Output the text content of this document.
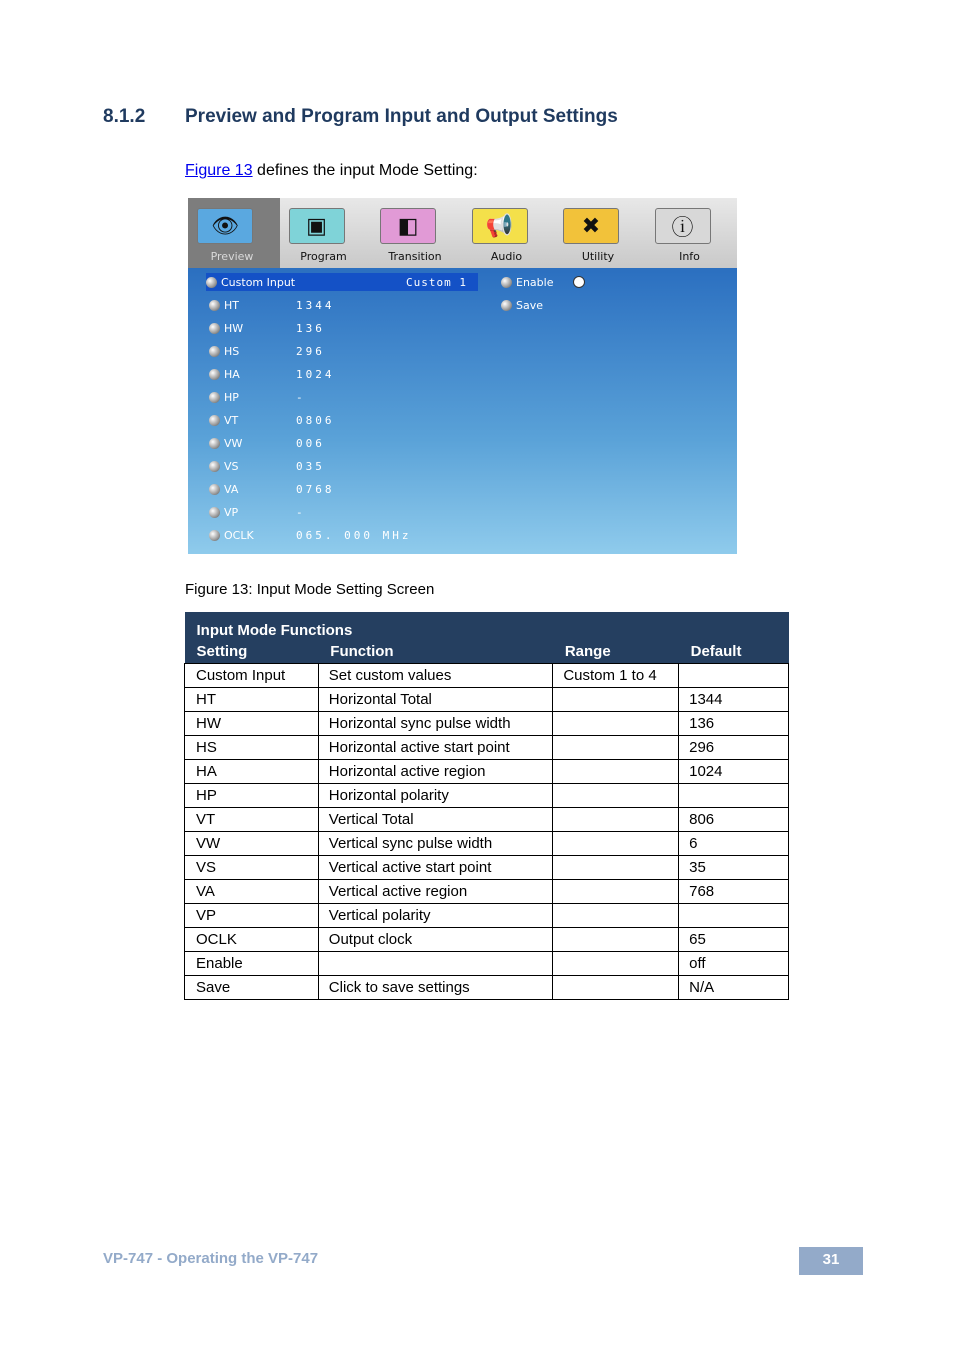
8.1.2 Preview and Program Input and Output Settings
Figure 13 defines the input Mode Setting:
👁
Preview
▣
Program
◧
Transition
📢
Audio
✖
Utility
ⓘ
Info
Custom Input	Custom 1	Enable
Save
HT	1344
HW	136
HS	296
HA	1024
HP	-
VT	0806
VW	006
VS	035
VA	0768
VP	-
OCLK	065. 000 MHz
Figure 13: Input Mode Setting Screen
Input Mode Functions			
Setting	Function	Range	Default
Custom Input	Set custom values	Custom 1 to 4	
HT	Horizontal Total		1344
HW	Horizontal sync pulse width		136
HS	Horizontal active start point		296
HA	Horizontal active region		1024
HP	Horizontal polarity		
VT	Vertical Total		806
VW	Vertical sync pulse width		6
VS	Vertical active start point		35
VA	Vertical active region		768
VP	Vertical polarity		
OCLK	Output clock		65
Enable			off
Save	Click to save settings		N/A
VP-747 - Operating the VP-747	31
